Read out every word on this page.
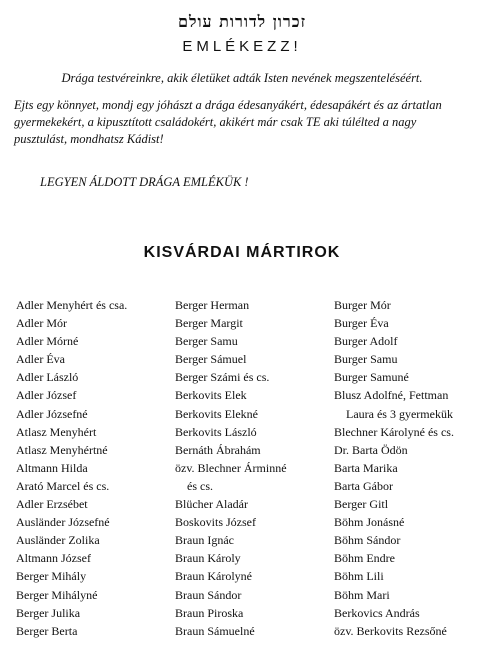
זכרון לדורות עולם
EMLÉKEZZ!
Drága testvéreinkre, akik életüket adták Isten nevének megszenteléséért.
Ejts egy könnyet, mondj egy jóhászt a drága édesanyákért, édesapákért és az ártatlan gyermekekért, a kipusztított családokért, akikért már csak TE aki túlélted a nagy pusztulást, mondhatsz Kádist!
LEGYEN ÁLDOTT DRÁGA EMLÉKÜK !
KISVÁRDAI MÁRTIROK
Adler Menyhért és csa.
Adler Mór
Adler Mórné
Adler Éva
Adler László
Adler József
Adler Józsefné
Atlasz Menyhért
Atlasz Menyhértné
Altmann Hilda
Arató Marcel és cs.
Adler Erzsébet
Ausländer Józsefné
Ausländer Zolika
Altmann József
Berger Mihály
Berger Mihályné
Berger Julika
Berger Berta
Berger Herman
Berger Margit
Berger Samu
Berger Sámuel
Berger Számi és cs.
Berkovits Elek
Berkovits Elekné
Berkovits László
Bernáth Ábrahám
özv. Blechner Árminné
és cs.
Blücher Aladár
Boskovits József
Braun Ignác
Braun Károly
Braun Károlyné
Braun Sándor
Braun Piroska
Braun Sámuelné
Burger Mór
Burger Éva
Burger Adolf
Burger Samu
Burger Samuné
Blusz Adolfné, Fettman
Laura és 3 gyermekük
Blechner Károlyné és cs.
Dr. Barta Ödön
Barta Marika
Barta Gábor
Berger Gitl
Böhm Jonásné
Böhm Sándor
Böhm Endre
Böhm Lili
Böhm Mari
Berkovics András
özv. Berkovits Rezsőné
